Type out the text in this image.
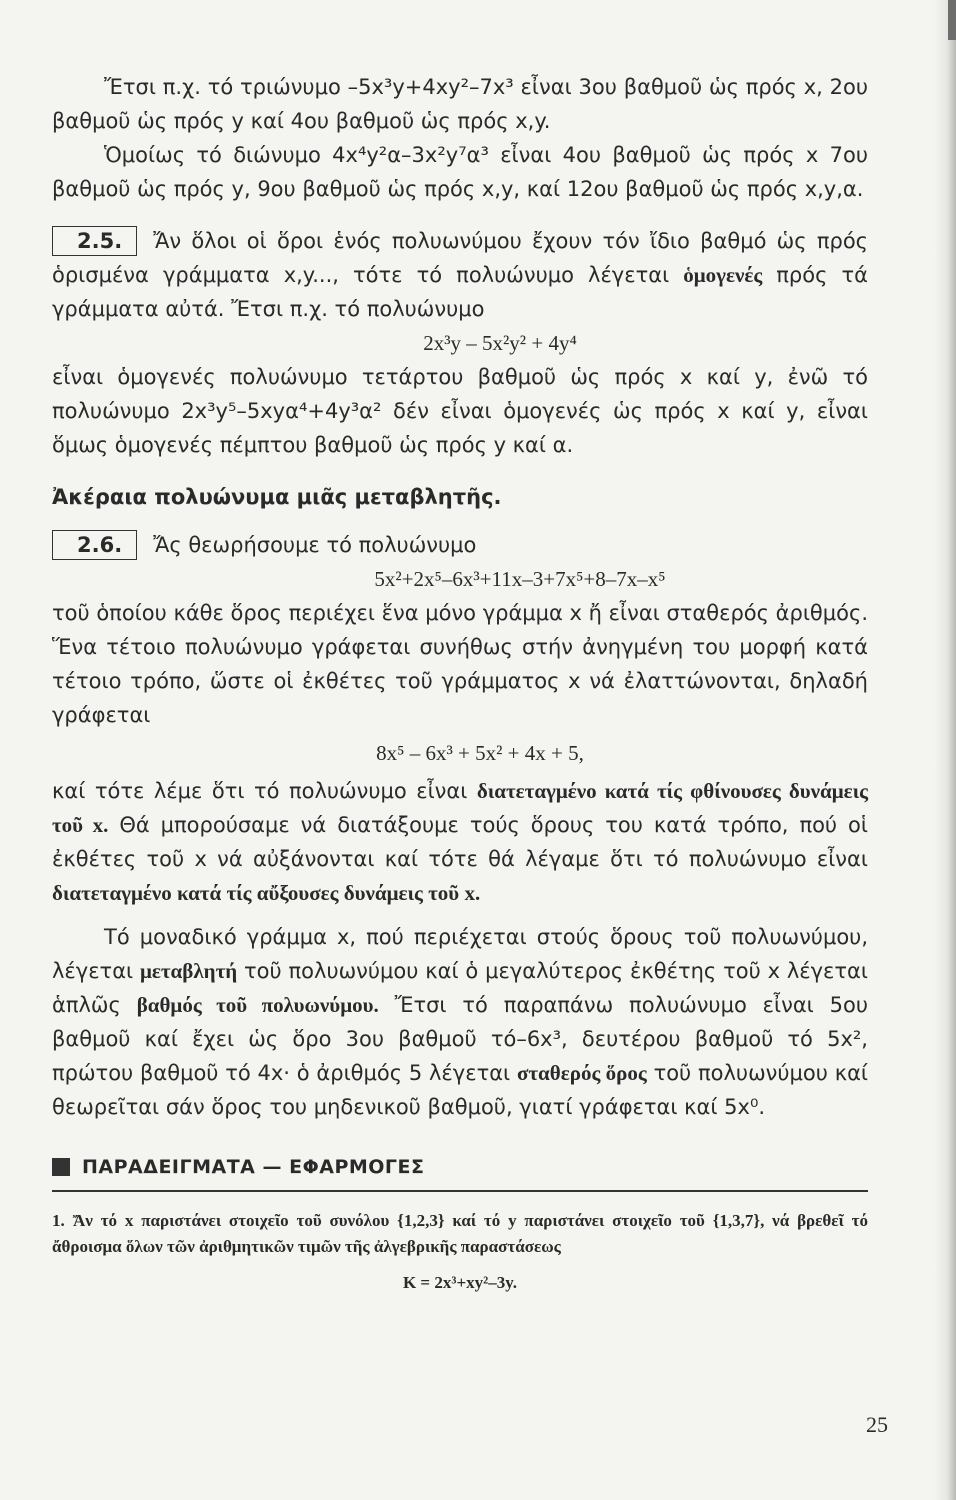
Ἔτσι π.χ. τό τριώνυμο –5x³y+4xy²–7x³ εἶναι 3ου βαθμοῦ ὡς πρός x, 2ου βαθμοῦ ὡς πρός y καί 4ου βαθμοῦ ὡς πρός x,y.

Ὁμοίως τό διώνυμο 4x⁴y²α–3x²y⁷α³ εἶναι 4ου βαθμοῦ ὡς πρός x 7ου βαθμοῦ ὡς πρός y, 9ου βαθμοῦ ὡς πρός x,y, καί 12ου βαθμοῦ ὡς πρός x,y,α.

2.5. Ἄν ὅλοι οἱ ὅροι ἑνός πολυωνύμου ἔχουν τόν ἴδιο βαθμό ὡς πρός ὁρισμένα γράμματα x,y..., τότε τό πολυώνυμο λέγεται ὁμογενές πρός τά γράμματα αὐτά. Ἔτσι π.χ. τό πολυώνυμο

2x³y – 5x²y² + 4y⁴

εἶναι ὁμογενές πολυώνυμο τετάρτου βαθμοῦ ὡς πρός x καί y, ἐνῶ τό πολυώνυμο 2x³y⁵–5xyα⁴+4y³α² δέν εἶναι ὁμογενές ὡς πρός x καί y, εἶναι ὅμως ὁμογενές πέμπτου βαθμοῦ ὡς πρός y καί α.

Ἀκέραια πολυώνυμα μιᾶς μεταβλητῆς.

2.6. Ἄς θεωρήσουμε τό πολυώνυμο

5x²+2x⁵–6x³+11x–3+7x⁵+8–7x–x⁵

τοῦ ὁποίου κάθε ὅρος περιέχει ἕνα μόνο γράμμα x ἤ εἶναι σταθερός ἀριθμός. Ἕνα τέτοιο πολυώνυμο γράφεται συνήθως στήν ἀνηγμένη του μορφή κατά τέτοιο τρόπο, ὥστε οἱ ἐκθέτες τοῦ γράμματος x νά ἐλαττώνονται, δηλαδή γράφεται

8x⁵ – 6x³ + 5x² + 4x + 5,

καί τότε λέμε ὅτι τό πολυώνυμο εἶναι διατεταγμένο κατά τίς φθίνουσες δυνάμεις τοῦ x. Θά μπορούσαμε νά διατάξουμε τούς ὅρους του κατά τρόπο, πού οἱ ἐκθέτες τοῦ x νά αὐξάνονται καί τότε θά λέγαμε ὅτι τό πολυώνυμο εἶναι διατεταγμένο κατά τίς αὔξουσες δυνάμεις τοῦ x.

Τό μοναδικό γράμμα x, πού περιέχεται στούς ὅρους τοῦ πολυωνύμου, λέγεται μεταβλητή τοῦ πολυωνύμου καί ὁ μεγαλύτερος ἐκθέτης τοῦ x λέγεται ἁπλῶς βαθμός τοῦ πολυωνύμου. Ἔτσι τό παραπάνω πολυώνυμο εἶναι 5ου βαθμοῦ καί ἔχει ὡς ὅρο 3ου βαθμοῦ τό–6x³, δευτέρου βαθμοῦ τό 5x², πρώτου βαθμοῦ τό 4x· ὁ ἀριθμός 5 λέγεται σταθερός ὅρος τοῦ πολυωνύμου καί θεωρεῖται σάν ὅρος του μηδενικοῦ βαθμοῦ, γιατί γράφεται καί 5x⁰.

ΠΑΡΑΔΕΙΓΜΑΤΑ — ΕΦΑΡΜΟΓΕΣ

1. Ἄν τό x παριστάνει στοιχεῖο τοῦ συνόλου {1,2,3} καί τό y παριστάνει στοιχεῖο τοῦ {1,3,7}, νά βρεθεῖ τό ἄθροισμα ὅλων τῶν ἀριθμητικῶν τιμῶν τῆς ἀλγεβρικῆς παραστάσεως

K = 2x³+xy²–3y.

25
